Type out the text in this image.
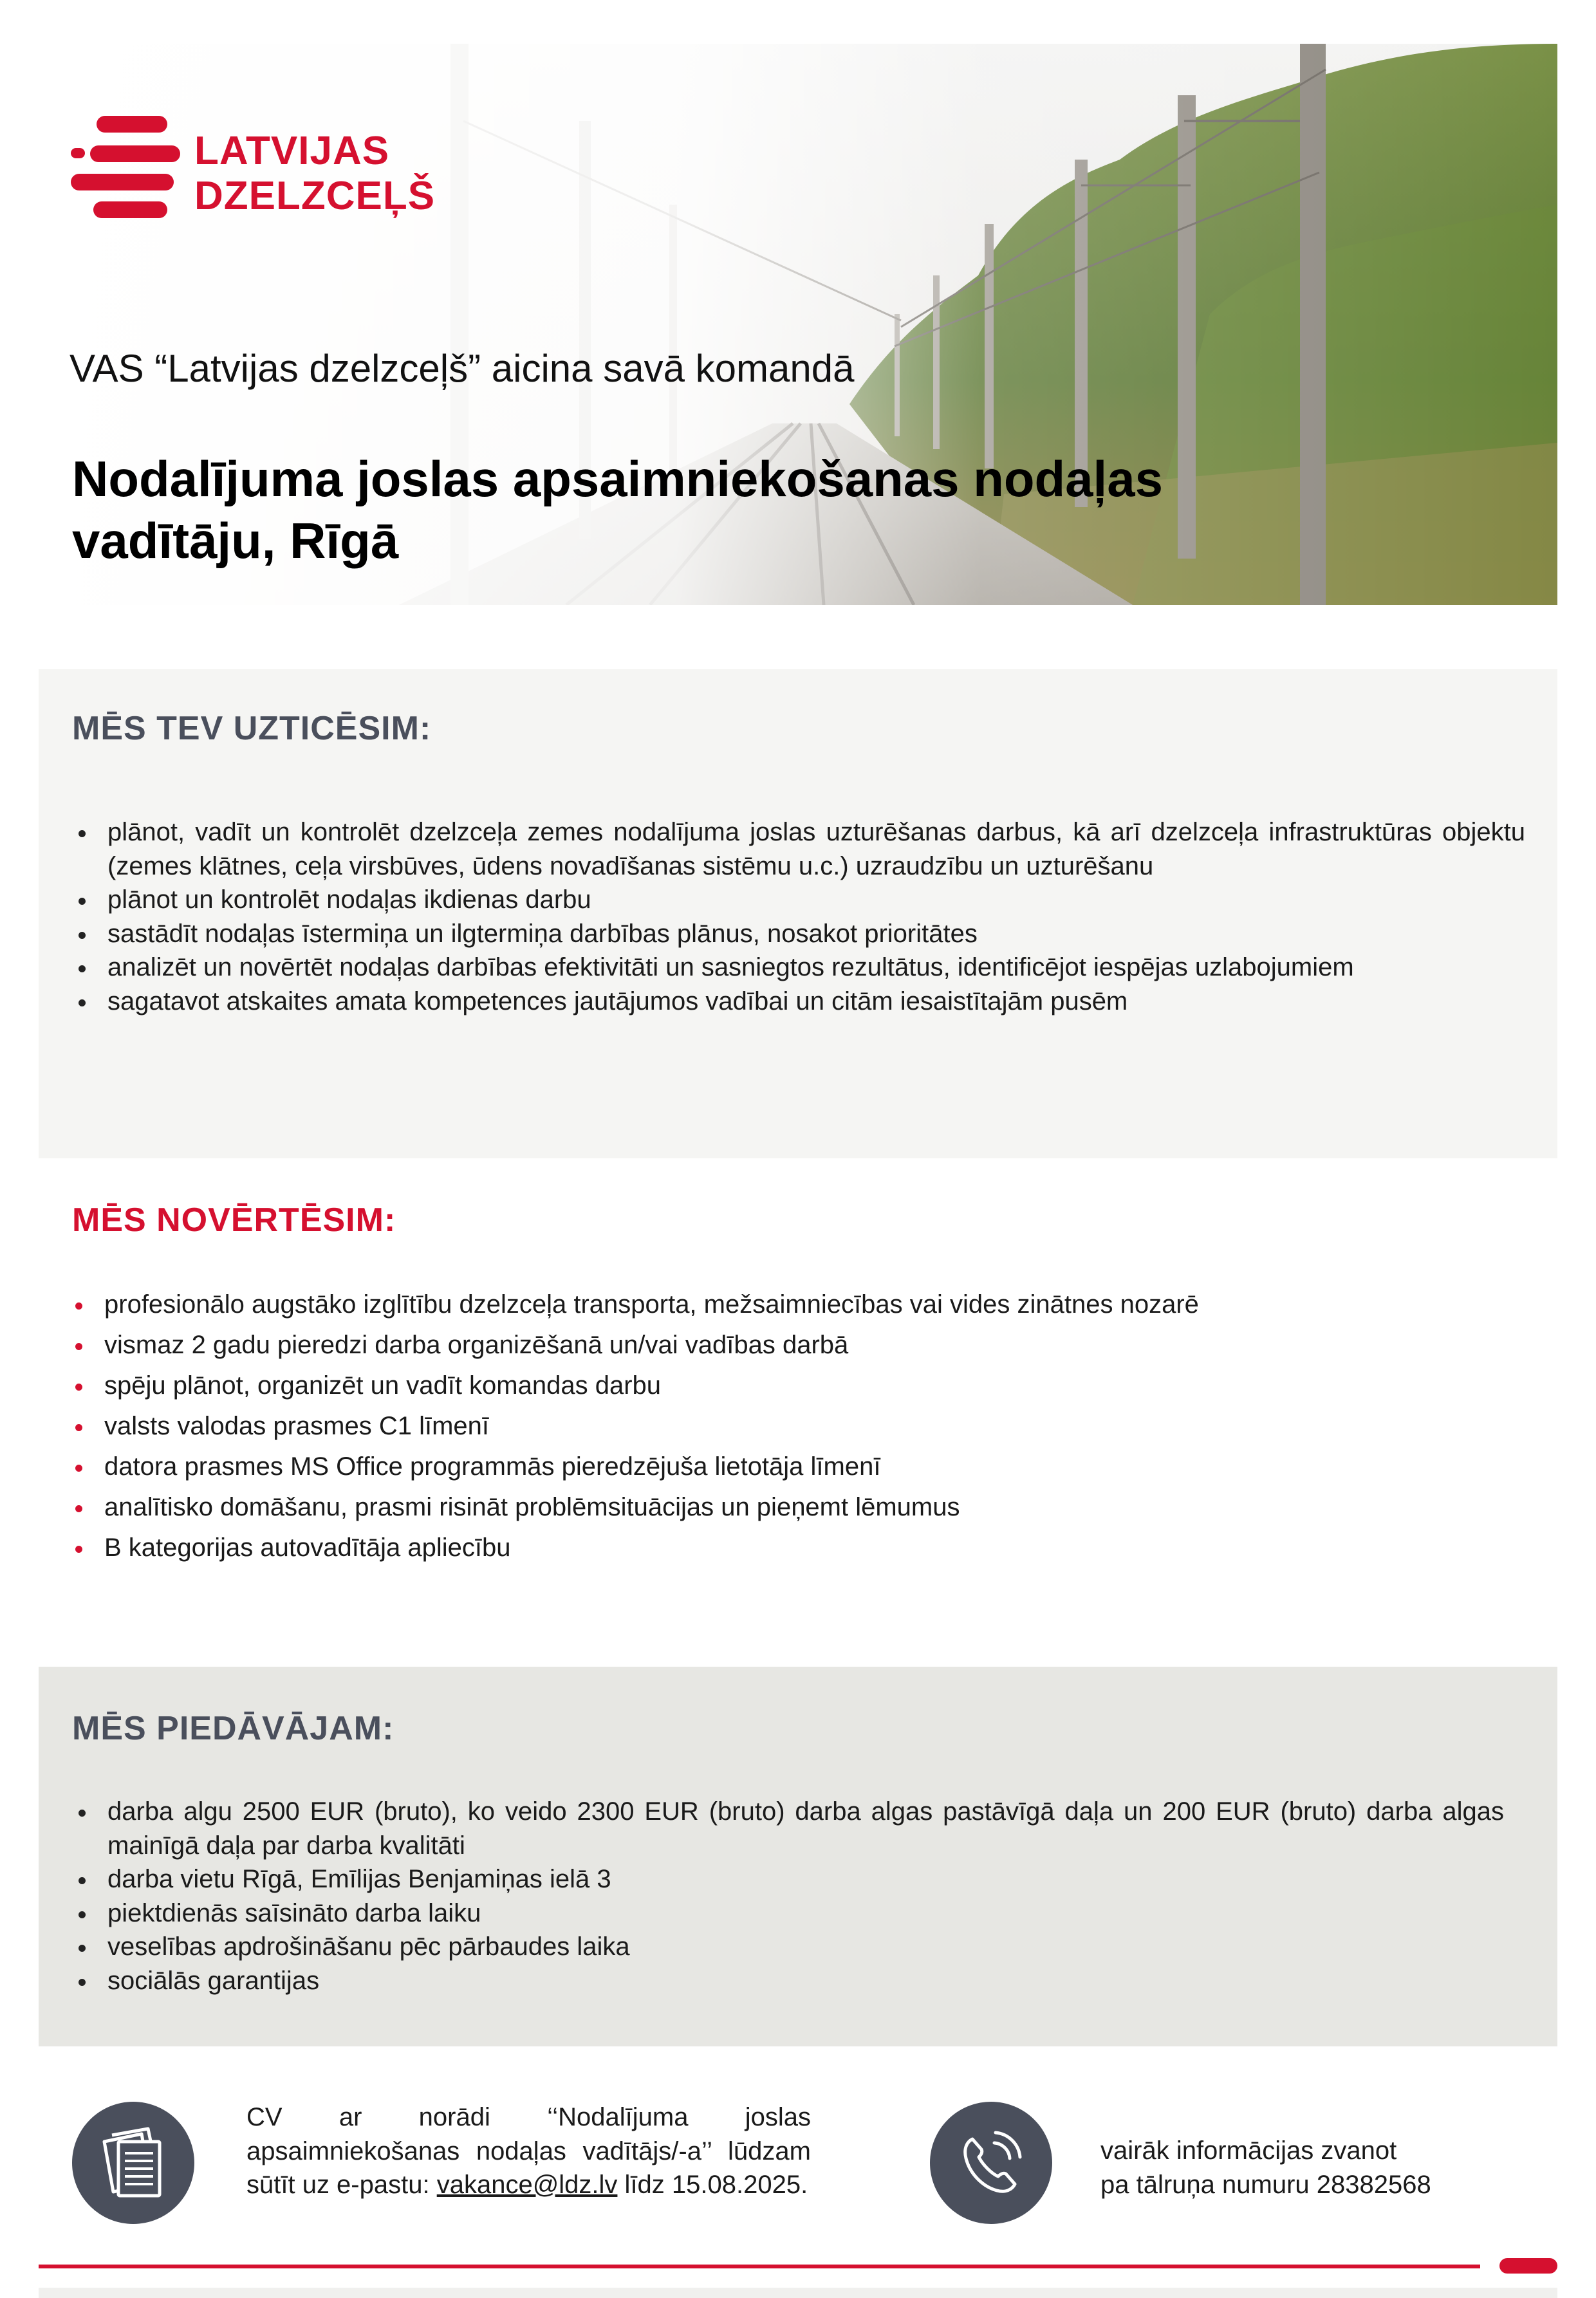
LATVIJAS
DZELZCEĻŠ
VAS “Latvijas dzelzceļš” aicina savā komandā
Nodalījuma joslas apsaimniekošanas nodaļas vadītāju, Rīgā
MĒS TEV UZTICĒSIM:
plānot, vadīt un kontrolēt dzelzceļa zemes nodalījuma joslas uzturēšanas darbus, kā arī dzelzceļa infrastruktūras objektu (zemes klātnes, ceļa virsbūves, ūdens novadīšanas sistēmu u.c.) uzraudzību un uzturēšanu
plānot un kontrolēt nodaļas ikdienas darbu
sastādīt nodaļas īstermiņa un ilgtermiņa darbības plānus, nosakot prioritātes
analizēt un novērtēt nodaļas darbības efektivitāti un sasniegtos rezultātus, identificējot iespējas uzlabojumiem
sagatavot atskaites amata kompetences jautājumos vadībai un citām iesaistītajām pusēm
MĒS NOVĒRTĒSIM:
profesionālo augstāko izglītību dzelzceļa transporta, mežsaimniecības vai vides zinātnes nozarē
vismaz 2 gadu pieredzi darba organizēšanā un/vai vadības darbā
spēju plānot, organizēt un vadīt komandas darbu
valsts valodas prasmes C1 līmenī
datora prasmes MS Office programmās pieredzējuša lietotāja līmenī
analītisko domāšanu, prasmi risināt problēmsituācijas un pieņemt lēmumus
B kategorijas autovadītāja apliecību
MĒS PIEDĀVĀJAM:
darba algu 2500 EUR (bruto), ko veido 2300 EUR (bruto) darba algas pastāvīgā daļa un 200 EUR (bruto) darba algas mainīgā daļa par darba kvalitāti
darba vietu Rīgā, Emīlijas Benjamiņas ielā 3
piektdienās saīsināto darba laiku
veselības apdrošināšanu pēc pārbaudes laika
sociālās garantijas
CV ar norādi ‘‘Nodalījuma joslas apsaimniekošanas nodaļas vadītājs/-a’’ lūdzam sūtīt uz e-pastu: vakance@ldz.lv līdz 15.08.2025.
vairāk informācijas zvanot
pa tālruņa numuru 28382568
